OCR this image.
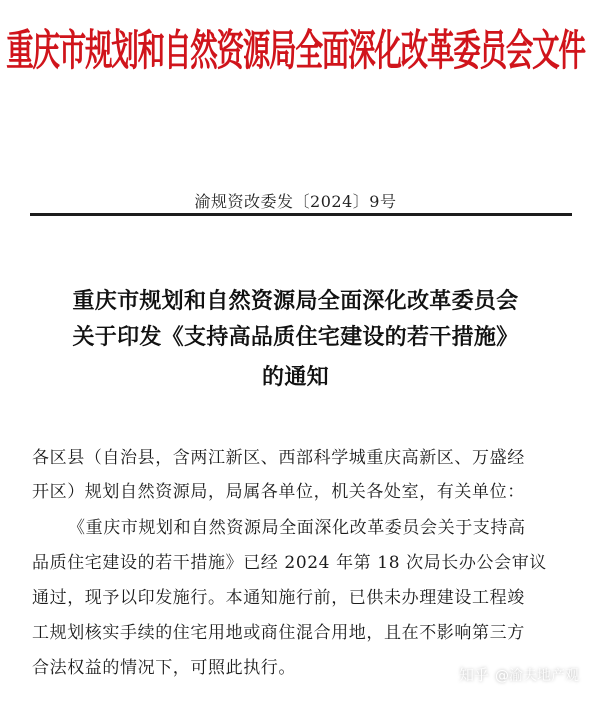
重庆市规划和自然资源局全面深化改革委员会文件
渝规资改委发〔2024〕9号
重庆市规划和自然资源局全面深化改革委员会
关于印发《支持高品质住宅建设的若干措施》
的通知
各区县（自治县，含两江新区、西部科学城重庆高新区、万盛经
开区）规划自然资源局，局属各单位，机关各处室，有关单位：
《重庆市规划和自然资源局全面深化改革委员会关于支持高
品质住宅建设的若干措施》已经 2024 年第 18 次局长办公会审议
通过，现予以印发施行。本通知施行前，已供未办理建设工程竣
工规划核实手续的住宅用地或商住混合用地，且在不影响第三方
合法权益的情况下，可照此执行。	知乎 @渝夫地产观
